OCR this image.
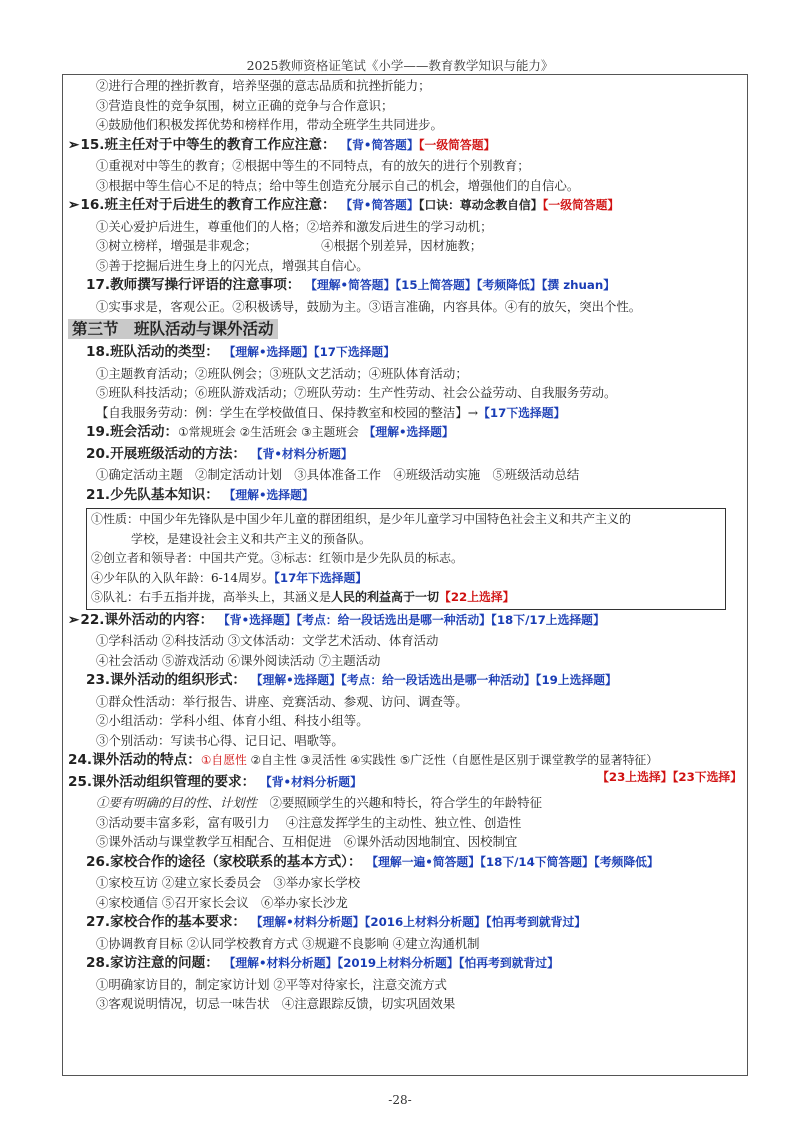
2025教师资格证笔试《小学——教育教学知识与能力》
②进行合理的挫折教育，培养坚强的意志品质和抗挫折能力；
③营造良性的竞争氛围，树立正确的竞争与合作意识；
④鼓励他们积极发挥优势和榜样作用，带动全班学生共同进步。
➢15.班主任对于中等生的教育工作应注意： 【背•简答题】【一级简答题】
①重视对中等生的教育；②根据中等生的不同特点，有的放矢的进行个别教育；
③根据中等生信心不足的特点；给中等生创造充分展示自己的机会，增强他们的自信心。
➢16.班主任对于后进生的教育工作应注意： 【背•简答题】【口诀：尊动念教自信】【一级简答题】
①关心爱护后进生，尊重他们的人格；②培养和激发后进生的学习动机；
③树立榜样，增强是非观念；	④根据个别差异，因材施教；
⑤善于挖掘后进生身上的闪光点，增强其自信心。
17.教师撰写操行评语的注意事项： 【理解•简答题】【15上简答题】【考频降低】【撰 zhuan】
①实事求是，客观公正。②积极诱导，鼓励为主。③语言准确，内容具体。④有的放矢，突出个性。
第三节　班队活动与课外活动
18.班队活动的类型： 【理解•选择题】【17下选择题】
①主题教育活动；②班队例会；③班队文艺活动；④班队体育活动；
⑤班队科技活动；⑥班队游戏活动；⑦班队劳动：生产性劳动、社会公益劳动、自我服务劳动。
【自我服务劳动：例：学生在学校做值日、保持教室和校园的整洁】→【17下选择题】
19.班会活动：①常规班会 ②生活班会 ③主题班会 【理解•选择题】
20.开展班级活动的方法： 【背•材料分析题】
①确定活动主题　②制定活动计划　③具体准备工作　④班级活动实施　⑤班级活动总结
21.少先队基本知识： 【理解•选择题】
①性质：中国少年先锋队是中国少年儿童的群团组织，是少年儿童学习中国特色社会主义和共产主义的
学校，是建设社会主义和共产主义的预备队。
②创立者和领导者：中国共产党。③标志：红领巾是少先队员的标志。
④少年队的入队年龄：6-14周岁。【17年下选择题】
⑤队礼：右手五指并拢，高举头上，其涵义是人民的利益高于一切【22上选择】
➢22.课外活动的内容： 【背•选择题】【考点：给一段话选出是哪一种活动】【18下/17上选择题】
①学科活动 ②科技活动 ③文体活动：文学艺术活动、体育活动
④社会活动 ⑤游戏活动 ⑥课外阅读活动 ⑦主题活动
23.课外活动的组织形式： 【理解•选择题】【考点：给一段话选出是哪一种活动】【19上选择题】
①群众性活动：举行报告、讲座、竞赛活动、参观、访问、调查等。
②小组活动：学科小组、体育小组、科技小组等。
③个别活动：写读书心得、记日记、唱歌等。
24.课外活动的特点：①自愿性 ②自主性 ③灵活性 ④实践性 ⑤广泛性（自愿性是区别于课堂教学的显著特征）
25.课外活动组织管理的要求： 【背•材料分析题】	【23上选择】【23下选择】
①要有明确的目的性、计划性　②要照顾学生的兴趣和特长，符合学生的年龄特征
③活动要丰富多彩，富有吸引力　 ④注意发挥学生的主动性、独立性、创造性
⑤课外活动与课堂教学互相配合、互相促进　⑥课外活动因地制宜、因校制宜
26.家校合作的途径（家校联系的基本方式）： 【理解一遍•简答题】【18下/14下简答题】【考频降低】
①家校互访 ②建立家长委员会　③举办家长学校
④家校通信 ⑤召开家长会议　⑥举办家长沙龙
27.家校合作的基本要求： 【理解•材料分析题】【2016上材料分析题】【怕再考到就背过】
①协调教育目标 ②认同学校教育方式 ③规避不良影响 ④建立沟通机制
28.家访注意的问题： 【理解•材料分析题】【2019上材料分析题】【怕再考到就背过】
①明确家访目的，制定家访计划 ②平等对待家长，注意交流方式
③客观说明情况，切忌一味告状　④注意跟踪反馈，切实巩固效果
-28-
